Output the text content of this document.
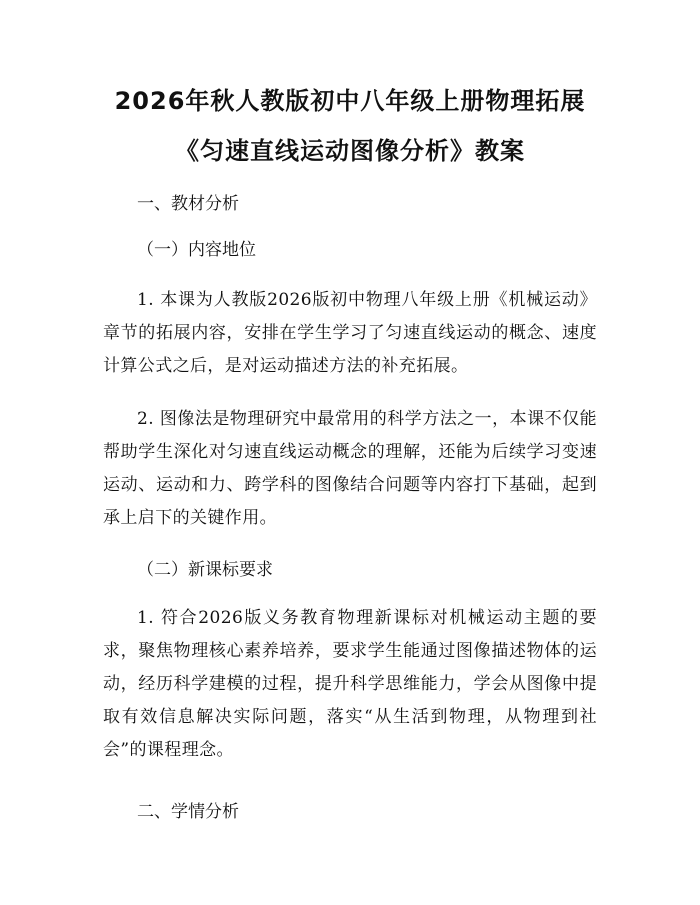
2026年秋人教版初中八年级上册物理拓展
《匀速直线运动图像分析》教案
一、教材分析
（一）内容地位
1. 本课为人教版2026版初中物理八年级上册《机械运动》章节的拓展内容，安排在学生学习了匀速直线运动的概念、速度计算公式之后，是对运动描述方法的补充拓展。
2. 图像法是物理研究中最常用的科学方法之一，本课不仅能帮助学生深化对匀速直线运动概念的理解，还能为后续学习变速运动、运动和力、跨学科的图像结合问题等内容打下基础，起到承上启下的关键作用。
（二）新课标要求
1. 符合2026版义务教育物理新课标对机械运动主题的要求，聚焦物理核心素养培养，要求学生能通过图像描述物体的运动，经历科学建模的过程，提升科学思维能力，学会从图像中提取有效信息解决实际问题，落实“从生活到物理，从物理到社会”的课程理念。
二、学情分析
